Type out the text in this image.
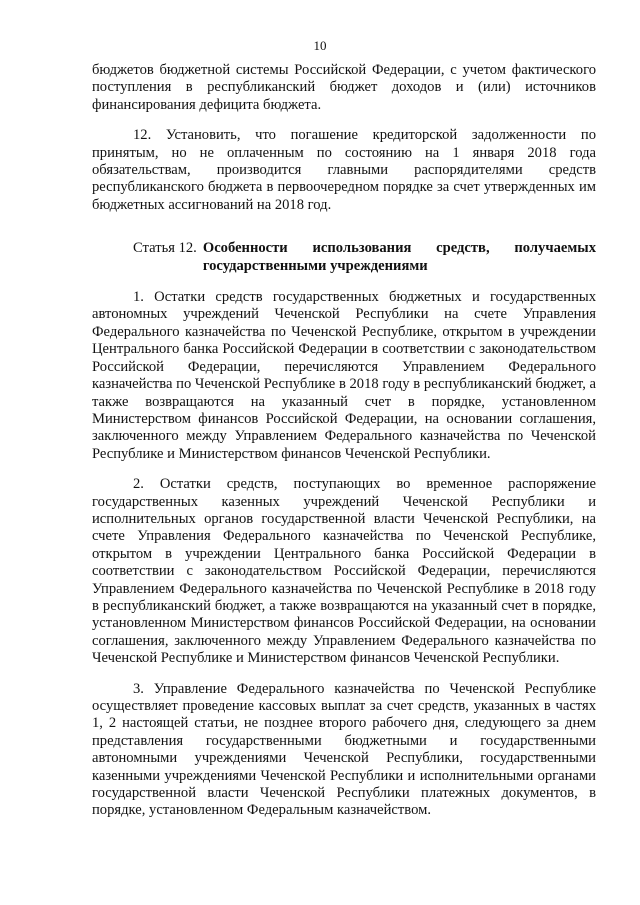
10

бюджетов бюджетной системы Российской Федерации, с учетом фактического поступления в республиканский бюджет доходов и (или) источников финансирования дефицита бюджета.

12. Установить, что погашение кредиторской задолженности по принятым, но не оплаченным по состоянию на 1 января 2018 года обязательствам, производится главными распорядителями средств республиканского бюджета в первоочередном порядке за счет утвержденных им бюджетных ассигнований на 2018 год.

Статья 12. Особенности использования средств, получаемых государственными учреждениями

1. Остатки средств государственных бюджетных и государственных автономных учреждений Чеченской Республики на счете Управления Федерального казначейства по Чеченской Республике, открытом в учреждении Центрального банка Российской Федерации в соответствии с законодательством Российской Федерации, перечисляются Управлением Федерального казначейства по Чеченской Республике в 2018 году в республиканский бюджет, а также возвращаются на указанный счет в порядке, установленном Министерством финансов Российской Федерации, на основании соглашения, заключенного между Управлением Федерального казначейства по Чеченской Республике и Министерством финансов Чеченской Республики.

2. Остатки средств, поступающих во временное распоряжение государственных казенных учреждений Чеченской Республики и исполнительных органов государственной власти Чеченской Республики, на счете Управления Федерального казначейства по Чеченской Республике, открытом в учреждении Центрального банка Российской Федерации в соответствии с законодательством Российской Федерации, перечисляются Управлением Федерального казначейства по Чеченской Республике в 2018 году в республиканский бюджет, а также возвращаются на указанный счет в порядке, установленном Министерством финансов Российской Федерации, на основании соглашения, заключенного между Управлением Федерального казначейства по Чеченской Республике и Министерством финансов Чеченской Республики.

3. Управление Федерального казначейства по Чеченской Республике осуществляет проведение кассовых выплат за счет средств, указанных в частях 1, 2 настоящей статьи, не позднее второго рабочего дня, следующего за днем представления государственными бюджетными и государственными автономными учреждениями Чеченской Республики, государственными казенными учреждениями Чеченской Республики и исполнительными органами государственной власти Чеченской Республики платежных документов, в порядке, установленном Федеральным казначейством.
